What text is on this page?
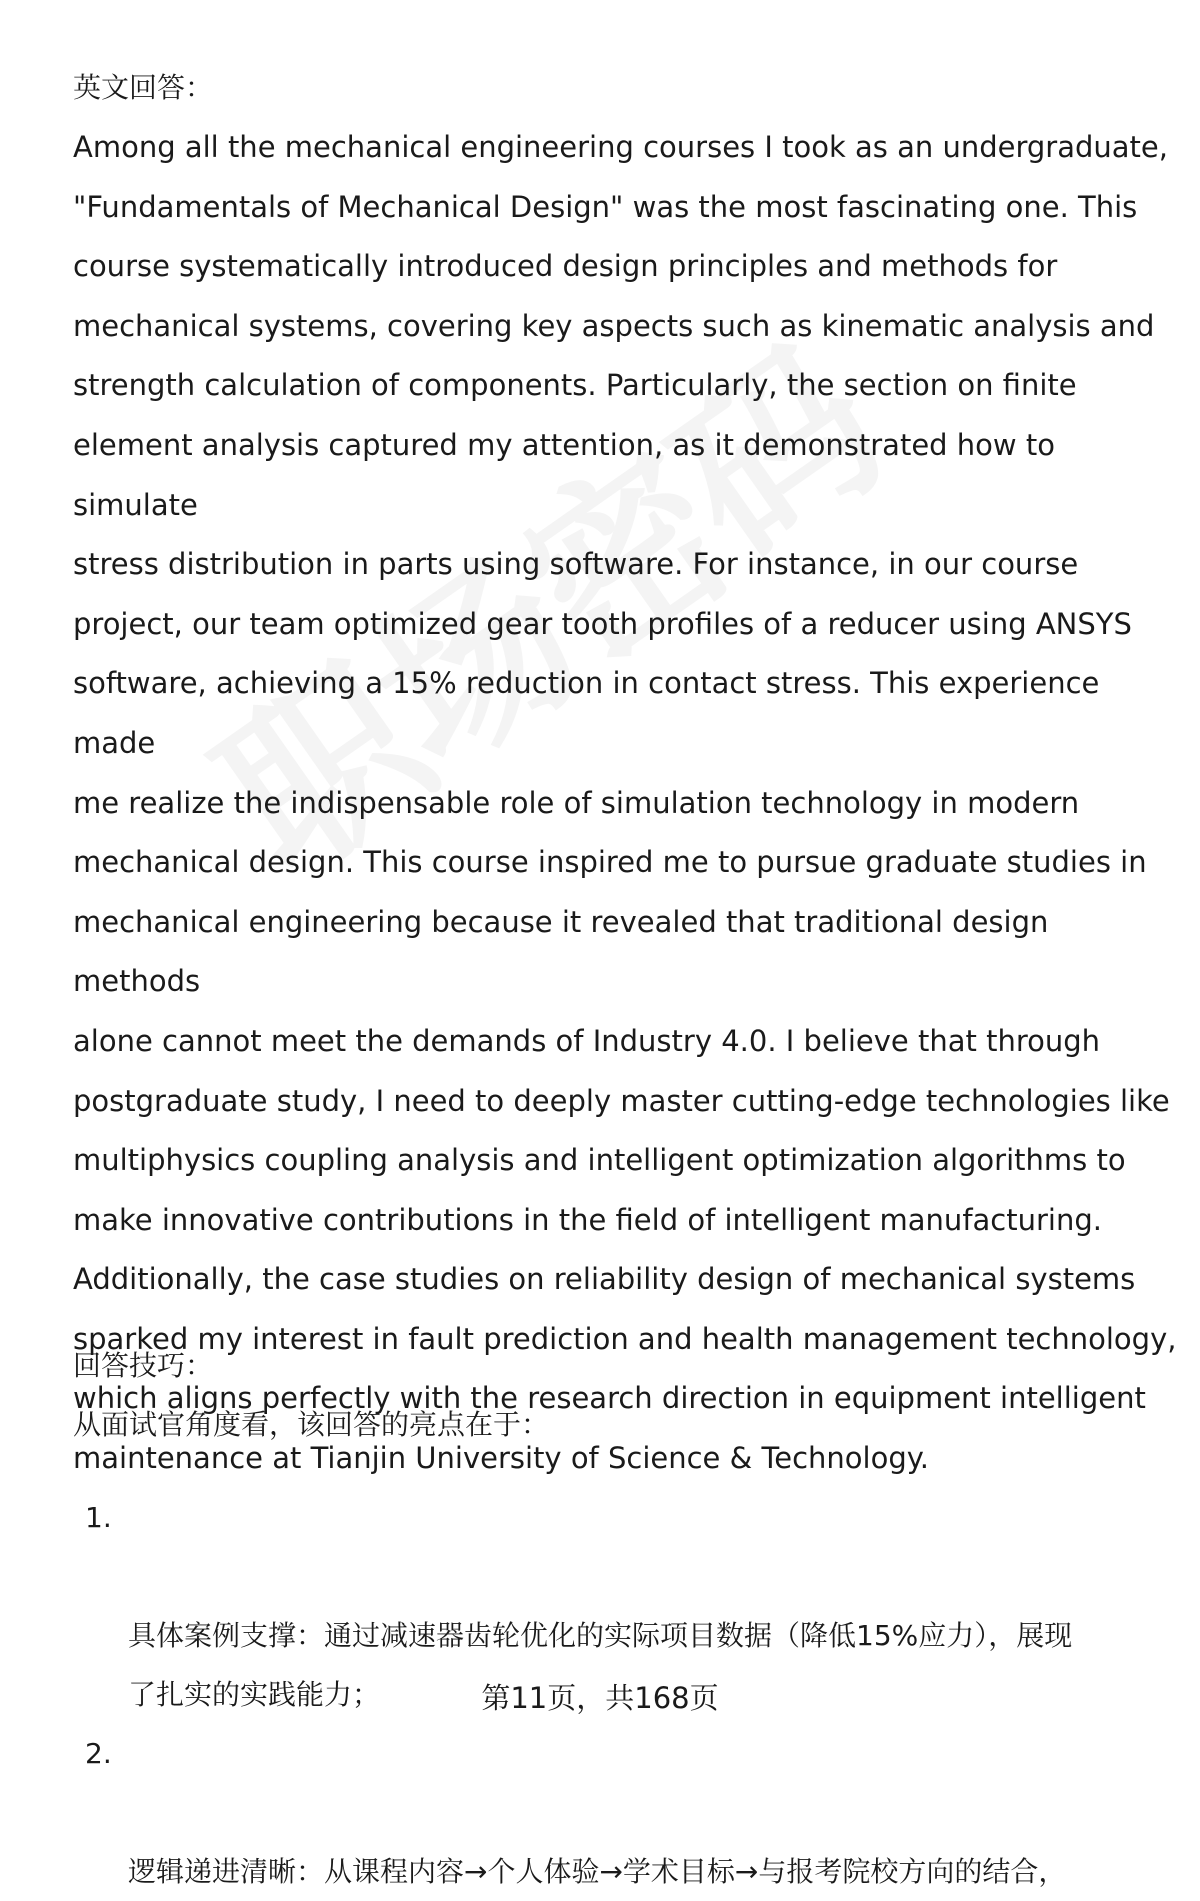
英文回答：

Among all the mechanical engineering courses I took as an undergraduate,
"Fundamentals of Mechanical Design" was the most fascinating one. This
course systematically introduced design principles and methods for
mechanical systems, covering key aspects such as kinematic analysis and
strength calculation of components. Particularly, the section on finite
element analysis captured my attention, as it demonstrated how to simulate
stress distribution in parts using software. For instance, in our course
project, our team optimized gear tooth profiles of a reducer using ANSYS
software, achieving a 15% reduction in contact stress. This experience made
me realize the indispensable role of simulation technology in modern
mechanical design. This course inspired me to pursue graduate studies in
mechanical engineering because it revealed that traditional design methods
alone cannot meet the demands of Industry 4.0. I believe that through
postgraduate study, I need to deeply master cutting-edge technologies like
multiphysics coupling analysis and intelligent optimization algorithms to
make innovative contributions in the field of intelligent manufacturing.
Additionally, the case studies on reliability design of mechanical systems
sparked my interest in fault prediction and health management technology,
which aligns perfectly with the research direction in equipment intelligent
maintenance at Tianjin University of Science & Technology.

回答技巧：
从面试官角度看，该回答的亮点在于：

1.

具体案例支撑：通过减速器齿轮优化的实际项目数据（降低15%应力），展现
了扎实的实践能力；

2.

逻辑递进清晰：从课程内容→个人体验→学术目标→与报考院校方向的结合，

第11页，共168页
